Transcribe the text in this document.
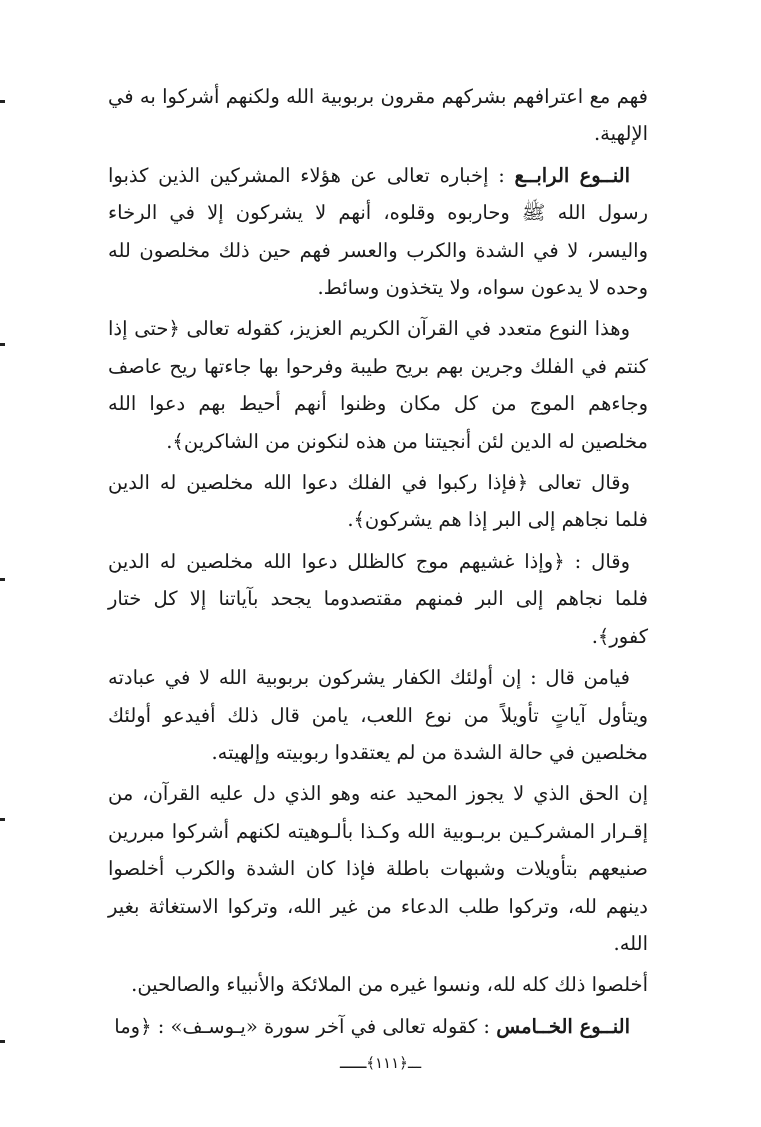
فهم مع اعترافهم بشركهم مقرون بربوبية الله ولكنهم أشركوا به في الإلهية.

النــوع الرابــع : إخباره تعالى عن هؤلاء المشركين الذين كذبوا رسول الله ﷺ وحاربوه وقلوه، أنهم لا يشركون إلا في الرخاء واليسر، لا في الشدة والكرب والعسر فهم حين ذلك مخلصون لله وحده لا يدعون سواه، ولا يتخذون وسائط.

وهذا النوع متعدد في القرآن الكريم العزيز، كقوله تعالى ﴿حتى إذا كنتم في الفلك وجرين بهم بريح طيبة وفرحوا بها جاءتها ريح عاصف وجاءهم الموج من كل مكان وظنوا أنهم أحيط بهم دعوا الله مخلصين له الدين لئن أنجيتنا من هذه لنكونن من الشاكرين﴾.

وقال تعالى ﴿فإذا ركبوا في الفلك دعوا الله مخلصين له الدين فلما نجاهم إلى البر إذا هم يشركون﴾.

وقال : ﴿وإذا غشيهم موج كالظلل دعوا الله مخلصين له الدين فلما نجاهم إلى البر فمنهم مقتصدوما يجحد بآياتنا إلا كل ختار كفور﴾.

فيامن قال : إن أولئك الكفار يشركون بربوبية الله لا في عبادته ويتأول آياتٍ تأويلاً من نوع اللعب، يامن قال ذلك أفيدعو أولئك مخلصين في حالة الشدة من لم يعتقدوا ربوبيته وإلهيته.

إن الحق الذي لا يجوز المحيد عنه وهو الذي دل عليه القرآن، من إقـرار المشركـين بربـوبية الله وكـذا بألـوهيته لكنهم أشركوا مبررين صنيعهم بتأويلات وشبهات باطلة فإذا كان الشدة والكرب أخلصوا دينهم لله، وتركوا طلب الدعاء من غير الله، وتركوا الاستغاثة بغير الله.

أخلصوا ذلك كله لله، ونسوا غيره من الملائكة والأنبياء والصالحين.

النــوع الخــامس : كقوله تعالى في آخر سورة «يـوسـف» : ﴿وما

ـــ﴿١١١﴾ـــ
